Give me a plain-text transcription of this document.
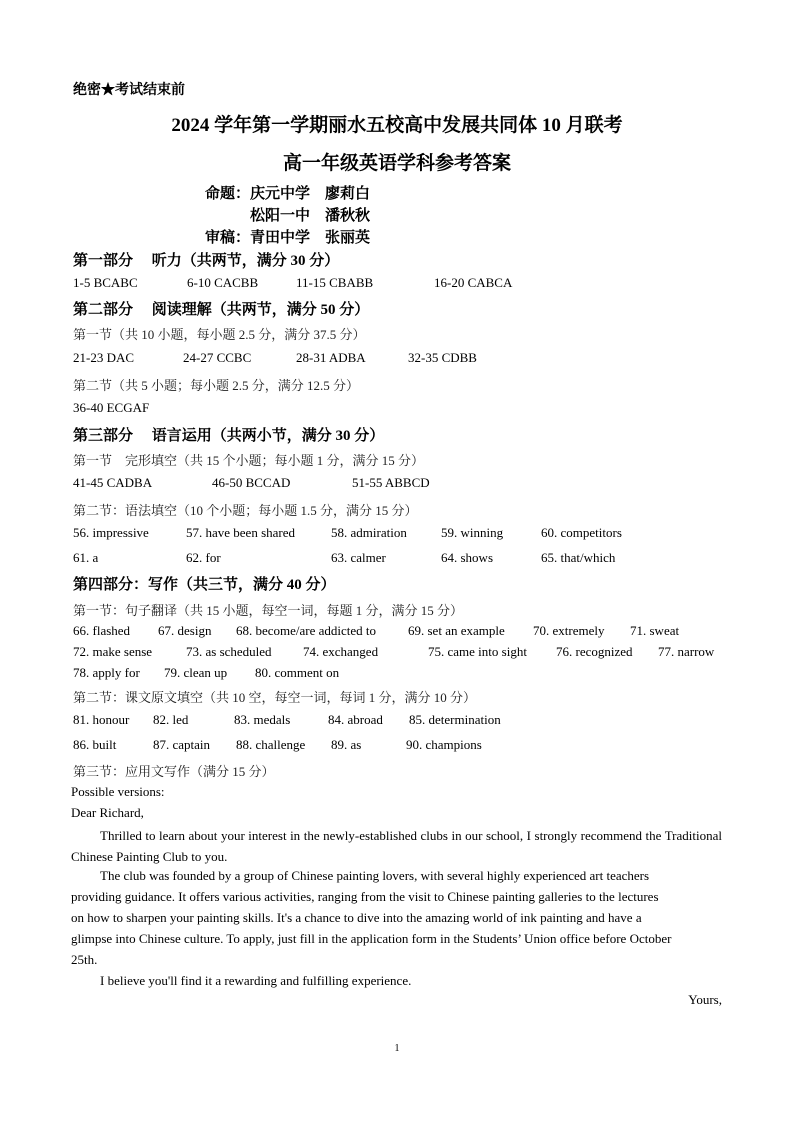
绝密★考试结束前
2024 学年第一学期丽水五校高中发展共同体 10 月联考
高一年级英语学科参考答案
命题：庆元中学　廖莉白
松阳一中　潘秋秋
审稿：青田中学　张丽英
第一部分　 听力（共两节，满分 30 分）
1-5 BCABC	6-10 CACBB	11-15 CBABB	16-20 CABCA
第二部分　 阅读理解（共两节，满分 50 分）
第一节（共 10 小题，每小题 2.5 分，满分 37.5 分）
21-23 DAC	24-27 CCBC	28-31 ADBA	32-35 CDBB
第二节（共 5 小题；每小题 2.5 分，满分 12.5 分）
36-40 ECGAF
第三部分　 语言运用（共两小节，满分 30 分）
第一节　完形填空（共 15 个小题；每小题 1 分，满分 15 分）
41-45 CADBA	46-50 BCCAD	51-55 ABBCD
第二节：语法填空（10 个小题；每小题 1.5 分，满分 15 分）
56. impressive	57. have been shared	58. admiration	59. winning	60. competitors
61. a	62. for	63. calmer	64. shows	65. that/which
第四部分：写作（共三节，满分 40 分）
第一节：句子翻译（共 15 小题，每空一词，每题 1 分，满分 15 分）
66. flashed 67. design 68. become/are addicted to 69. set an example 70. extremely 71. sweat
72. make sense	73. as scheduled 74. exchanged	75. came into sight 76. recognized 77. narrow
78. apply for 79. clean up 80. comment on
第二节：课文原文填空（共 10 空，每空一词，每词 1 分，满分 10 分）
81. honour 82. led	83. medals	84. abroad 85. determination
86. built	87. captain 88. challenge 89. as	90. champions
第三节：应用文写作（满分 15 分）
Possible versions:
Dear Richard,
Thrilled to learn about your interest in the newly-established clubs in our school, I strongly recommend the Traditional Chinese Painting Club to you.
The club was founded by a group of Chinese painting lovers, with several highly experienced art teachers
providing guidance. It offers various activities, ranging from the visit to Chinese painting galleries to the lectures
on how to sharpen your painting skills. It's a chance to dive into the amazing world of ink painting and have a
glimpse into Chinese culture. To apply, just fill in the application form in the Students’ Union office before October
25th.
I believe you'll find it a rewarding and fulfilling experience.
Yours,
1
